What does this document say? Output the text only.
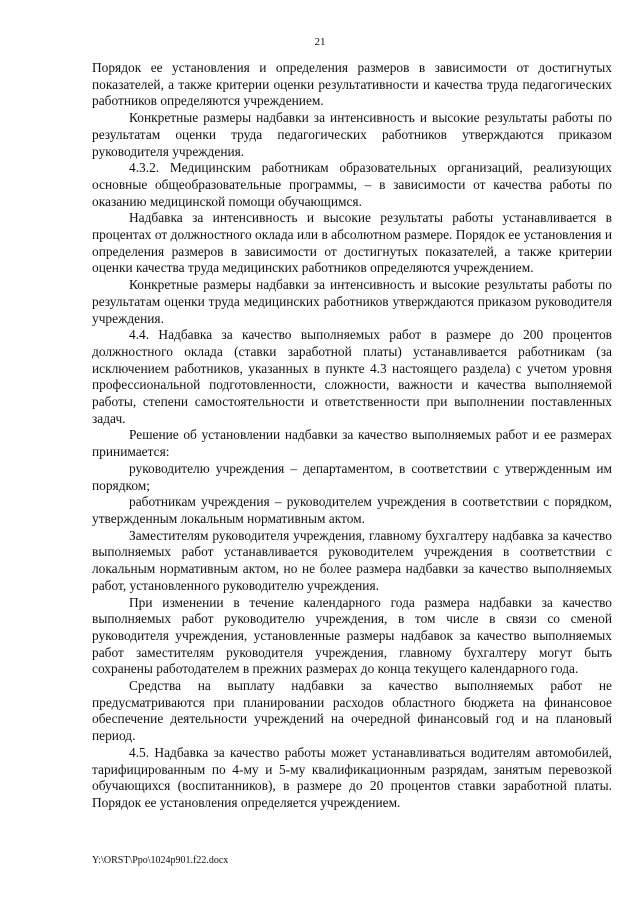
21

Порядок ее установления и определения размеров в зависимости от достигнутых показателей, а также критерии оценки результативности и качества труда педагогических работников определяются учреждением.

Конкретные размеры надбавки за интенсивность и высокие результаты работы по результатам оценки труда педагогических работников утверждаются приказом руководителя учреждения.

4.3.2. Медицинским работникам образовательных организаций, реализующих основные общеобразовательные программы, – в зависимости от качества работы по оказанию медицинской помощи обучающимся.

Надбавка за интенсивность и высокие результаты работы устанавливается в процентах от должностного оклада или в абсолютном размере. Порядок ее установления и определения размеров в зависимости от достигнутых показателей, а также критерии оценки качества труда медицинских работников определяются учреждением.

Конкретные размеры надбавки за интенсивность и высокие результаты работы по результатам оценки труда медицинских работников утверждаются приказом руководителя учреждения.

4.4. Надбавка за качество выполняемых работ в размере до 200 процентов должностного оклада (ставки заработной платы) устанавливается работникам (за исключением работников, указанных в пункте 4.3 настоящего раздела) с учетом уровня профессиональной подготовленности, сложности, важности и качества выполняемой работы, степени самостоятельности и ответственности при выполнении поставленных задач.

Решение об установлении надбавки за качество выполняемых работ и ее размерах принимается:

руководителю учреждения – департаментом, в соответствии с утвержденным им порядком;

работникам учреждения – руководителем учреждения в соответствии с порядком, утвержденным локальным нормативным актом.

Заместителям руководителя учреждения, главному бухгалтеру надбавка за качество выполняемых работ устанавливается руководителем учреждения в соответствии с локальным нормативным актом, но не более размера надбавки за качество выполняемых работ, установленного руководителю учреждения.

При изменении в течение календарного года размера надбавки за качество выполняемых работ руководителю учреждения, в том числе в связи со сменой руководителя учреждения, установленные размеры надбавок за качество выполняемых работ заместителям руководителя учреждения, главному бухгалтеру могут быть сохранены работодателем в прежних размерах до конца текущего календарного года.

Средства на выплату надбавки за качество выполняемых работ не предусматриваются при планировании расходов областного бюджета на финансовое обеспечение деятельности учреждений на очередной финансовый год и на плановый период.

4.5. Надбавка за качество работы может устанавливаться водителям автомобилей, тарифицированным по 4-му и 5-му квалификационным разрядам, занятым перевозкой обучающихся (воспитанников), в размере до 20 процентов ставки заработной платы. Порядок ее установления определяется учреждением.

Y:\ORST\Ppo\1024p901.f22.docx
